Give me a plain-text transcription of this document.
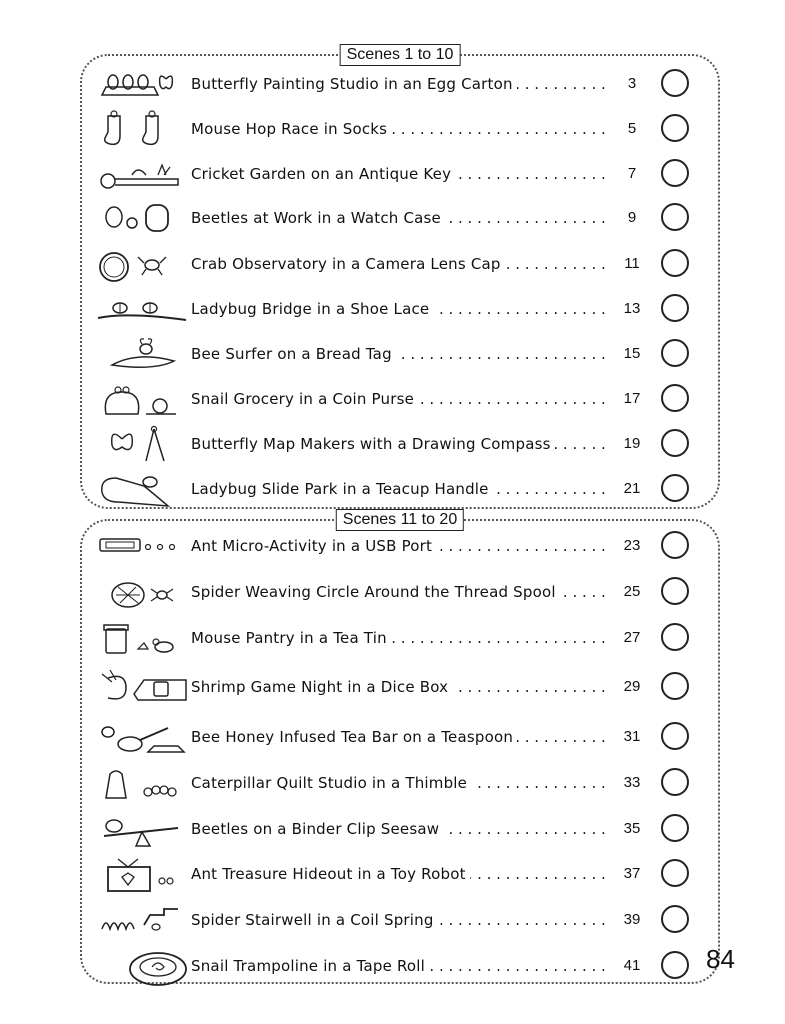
Scenes 1 to 10
Scenes 11 to 20
Butterfly Painting Studio in an Egg Carton . . .	3
Mouse Hop Race in Socks . . .	5
Cricket Garden on an Antique Key . . .	7
Beetles at Work in a Watch Case . . .	9
Crab Observatory in a Camera Lens Cap . . .	11
Ladybug Bridge in a Shoe Lace . . .	13
Bee Surfer on a Bread Tag . . .	15
Snail Grocery in a Coin Purse . . .	17
Butterfly Map Makers with a Drawing Compass . . .	19
Ladybug Slide Park in a Teacup Handle . . .	21
Ant Micro-Activity in a USB Port . . .	23
Spider Weaving Circle Around the Thread Spool . . .	25
Mouse Pantry in a Tea Tin . . .	27
Shrimp Game Night in a Dice Box . . .	29
Bee Honey Infused Tea Bar on a Teaspoon . . .	31
Caterpillar Quilt Studio in a Thimble . . .	33
Beetles on a Binder Clip Seesaw . . .	35
Ant Treasure Hideout in a Toy Robot . . .	37
Spider Stairwell in a Coil Spring . . .	39
Snail Trampoline in a Tape Roll . . .	41	84
